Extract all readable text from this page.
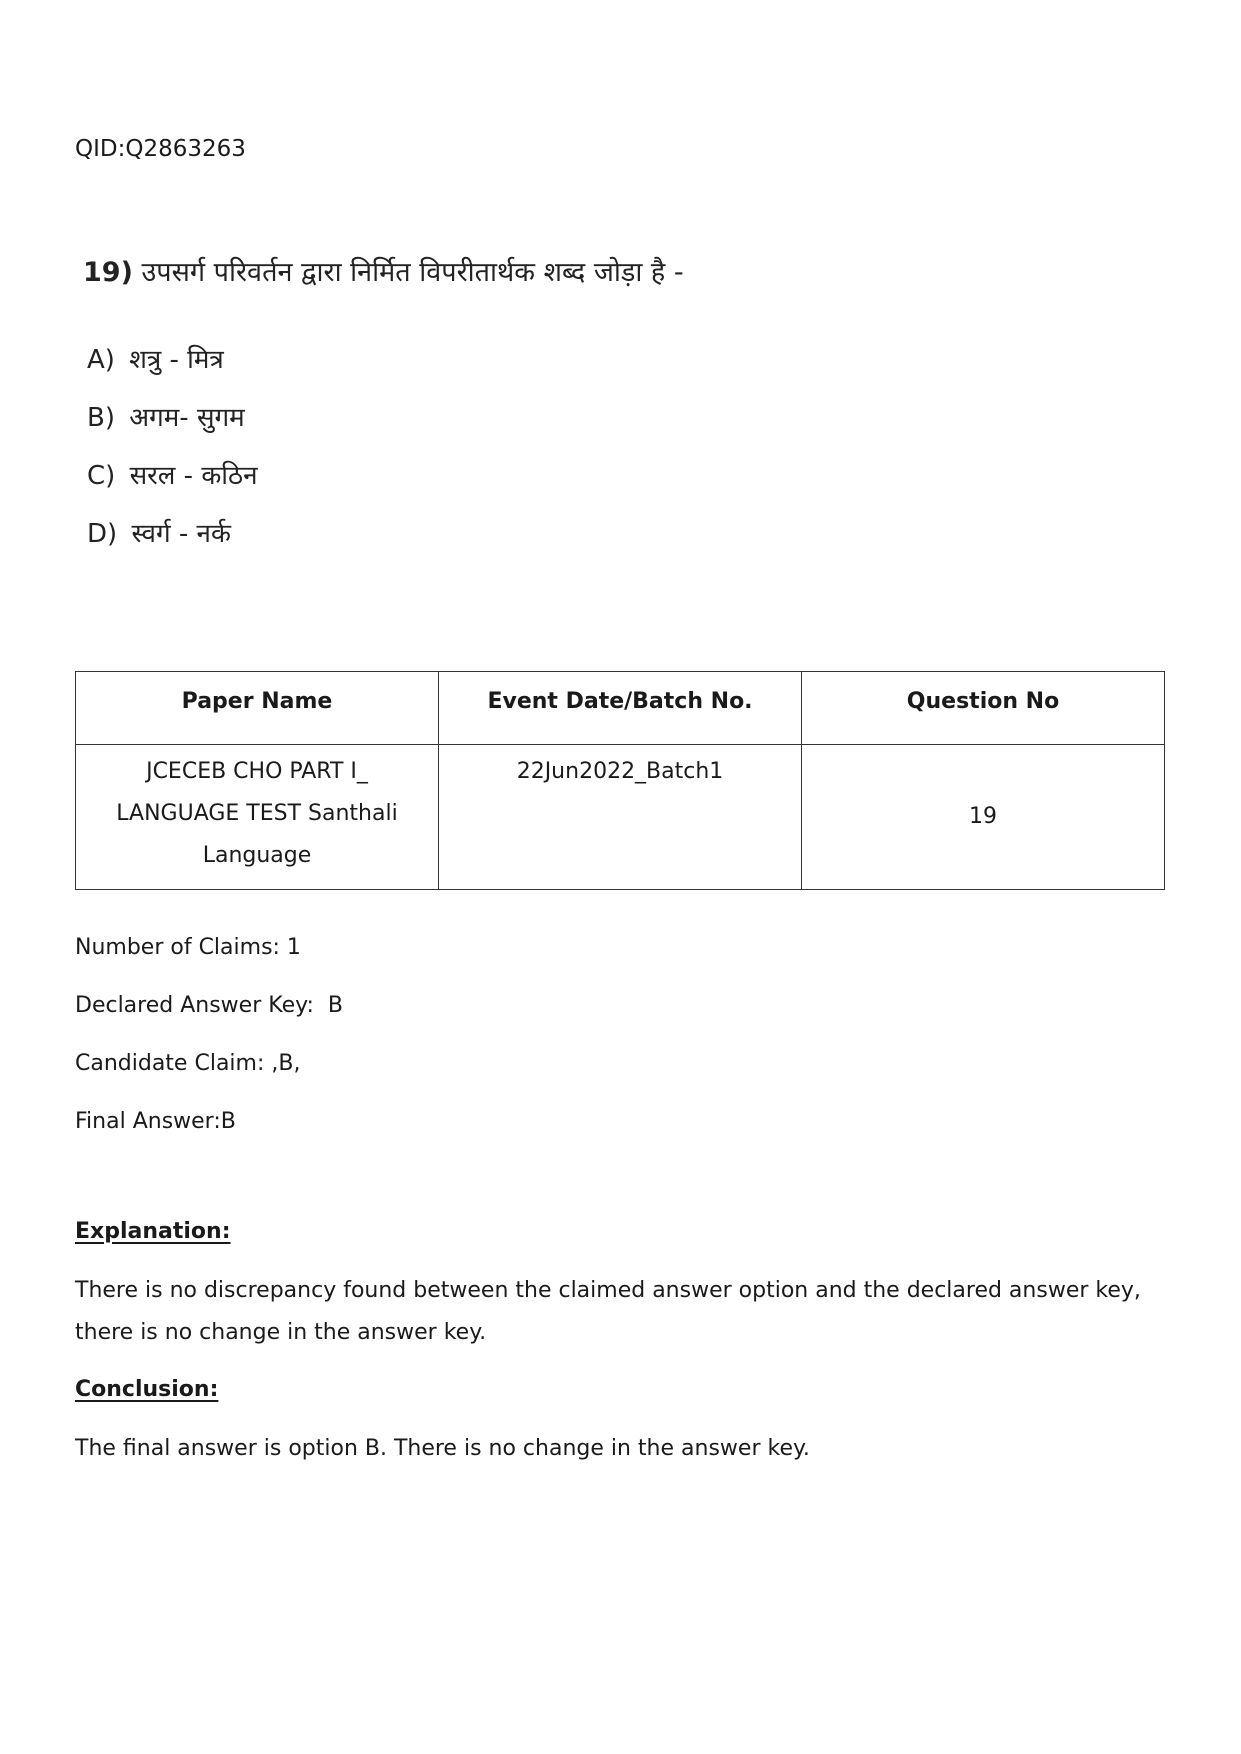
QID:Q2863263
19) उपसर्ग परिवर्तन द्वारा निर्मित विपरीतार्थक शब्द जोड़ा है -
A) शत्रु - मित्र
B) अगम- सुगम
C) सरल - कठिन
D) स्वर्ग - नर्क
Paper Name	Event Date/Batch No.	Question No
JCECEB CHO PART I_ LANGUAGE TEST Santhali Language	22Jun2022_Batch1	19
Number of Claims: 1
Declared Answer Key:  B
Candidate Claim: ,B,
Final Answer:B
Explanation:
There is no discrepancy found between the claimed answer option and the declared answer key, there is no change in the answer key.
Conclusion:
The final answer is option B. There is no change in the answer key.
